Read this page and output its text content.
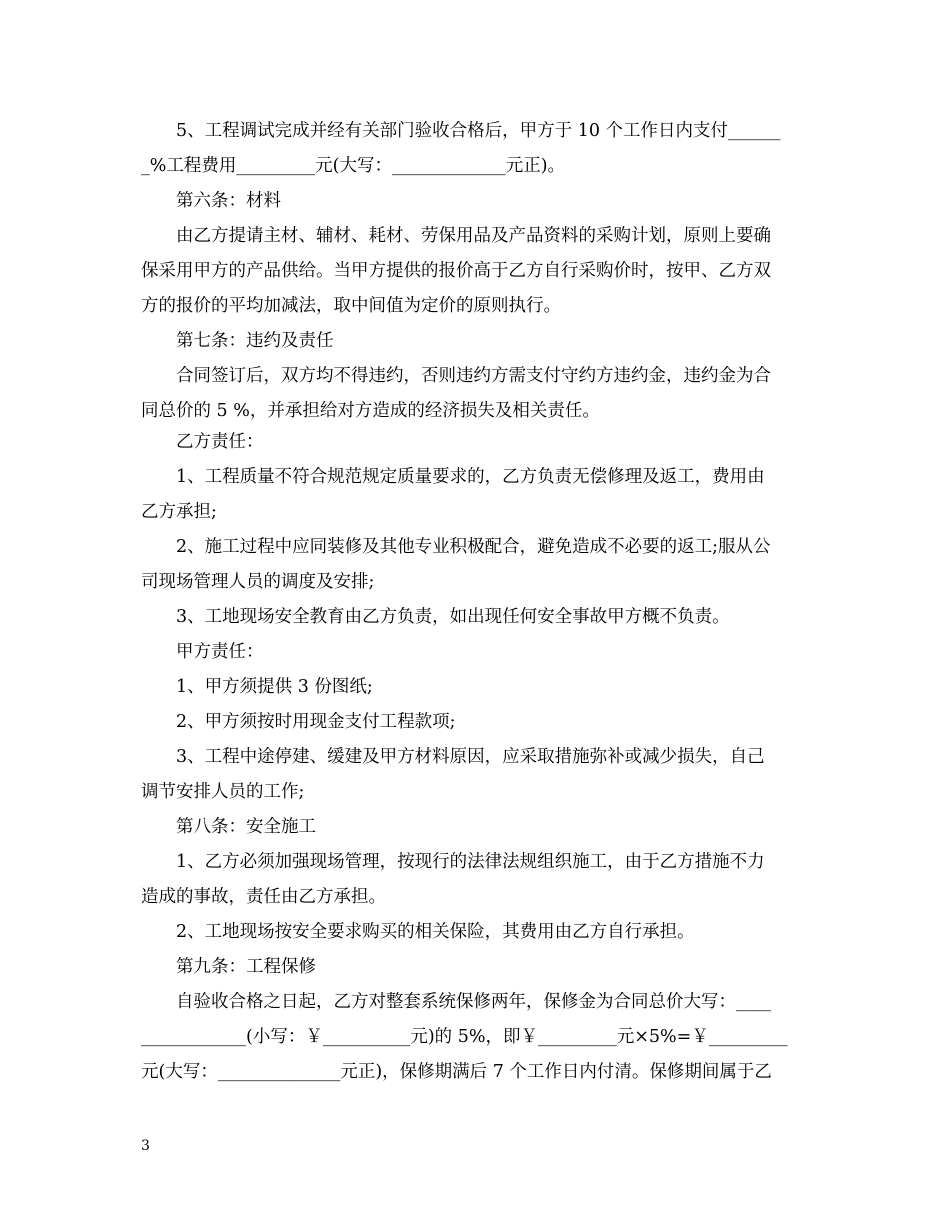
5、工程调试完成并经有关部门验收合格后，甲方于 10 个工作日内支付______
_%工程费用_________元(大写：_____________元正)。
第六条：材料
由乙方提请主材、辅材、耗材、劳保用品及产品资料的采购计划，原则上要确
保采用甲方的产品供给。当甲方提供的报价高于乙方自行采购价时，按甲、乙方双
方的报价的平均加减法，取中间值为定价的原则执行。
第七条：违约及责任
合同签订后，双方均不得违约，否则违约方需支付守约方违约金，违约金为合
同总价的 5 %，并承担给对方造成的经济损失及相关责任。
乙方责任：
1、工程质量不符合规范规定质量要求的，乙方负责无偿修理及返工，费用由
乙方承担;
2、施工过程中应同装修及其他专业积极配合，避免造成不必要的返工;服从公
司现场管理人员的调度及安排;
3、工地现场安全教育由乙方负责，如出现任何安全事故甲方概不负责。
甲方责任：
1、甲方须提供 3 份图纸;
2、甲方须按时用现金支付工程款项;
3、工程中途停建、缓建及甲方材料原因，应采取措施弥补或减少损失，自己
调节安排人员的工作;
第八条：安全施工
1、乙方必须加强现场管理，按现行的法律法规组织施工，由于乙方措施不力
造成的事故，责任由乙方承担。
2、工地现场按安全要求购买的相关保险，其费用由乙方自行承担。
第九条：工程保修
自验收合格之日起，乙方对整套系统保修两年，保修金为合同总价大写：____
____________(小写：￥__________元)的 5%，即￥_________元×5%=￥_________
元(大写：______________元正)，保修期满后 7 个工作日内付清。保修期间属于乙
3
